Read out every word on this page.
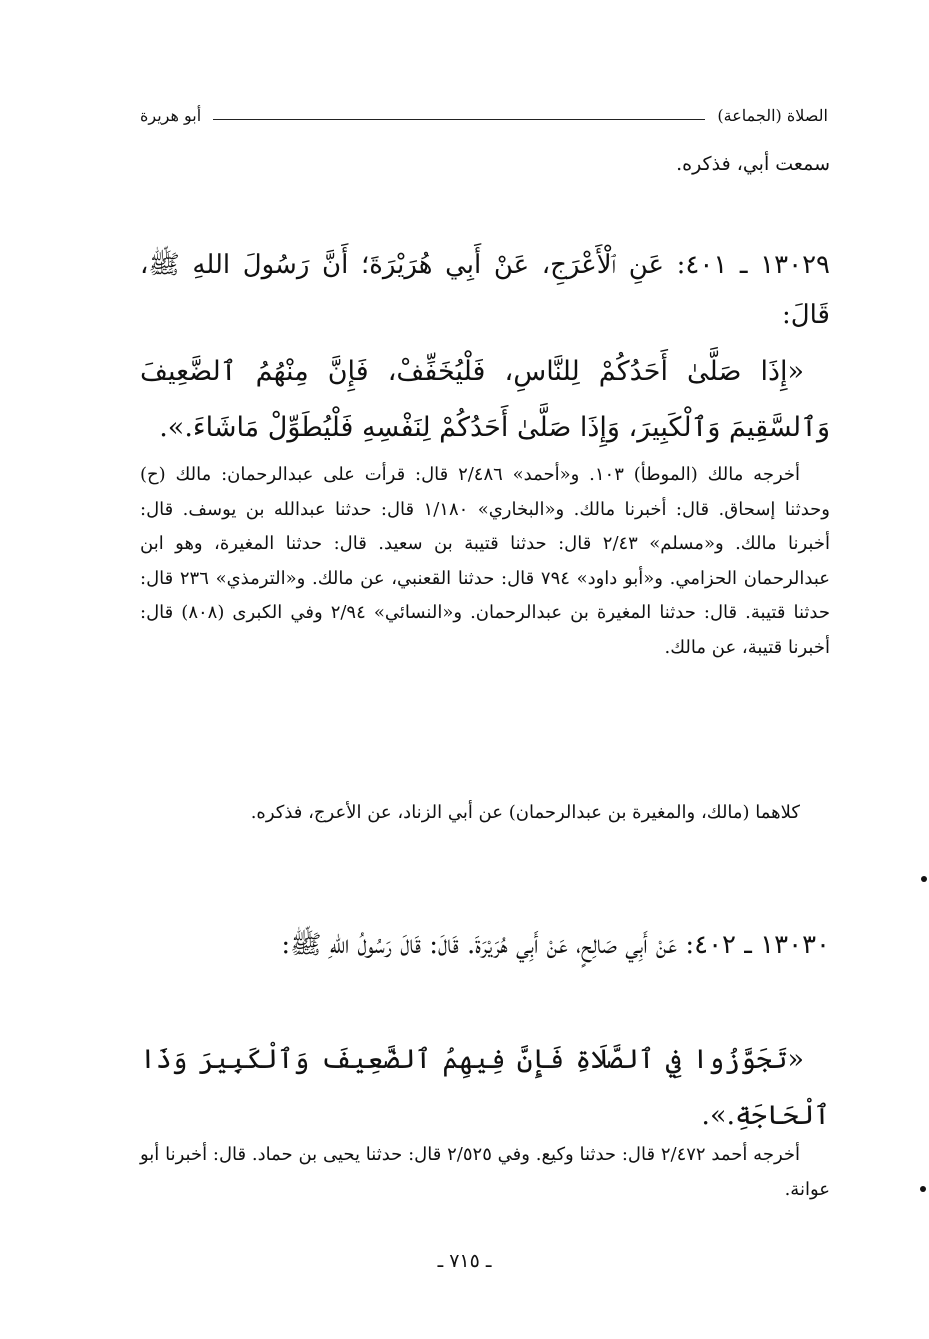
الصلاة (الجماعة)
أبو هريرة
سمعت أبي، فذكره.
١٣٠٢٩ ـ ٤٠١: عَنِ ٱلْأَعْرَجِ، عَنْ أَبِي هُرَيْرَةَ؛ أَنَّ رَسُولَ اللهِ ﷺ، قَالَ:
«إِذَا صَلَّىٰ أَحَدُكُمْ لِلنَّاسِ، فَلْيُخَفِّفْ، فَإِنَّ مِنْهُمُ ٱلضَّعِيفَ وَٱلسَّقِيمَ وَٱلْكَبِيرَ، وَإِذَا صَلَّىٰ أَحَدُكُمْ لِنَفْسِهِ فَلْيُطَوِّلْ مَاشَاءَ.».
أخرجه مالك (الموطأ) ١٠٣. و«أحمد» ٢/٤٨٦ قال: قرأت على عبدالرحمان: مالك (ح) وحدثنا إسحاق. قال: أخبرنا مالك. و«البخاري» ١/١٨٠ قال: حدثنا عبدالله بن يوسف. قال: أخبرنا مالك. و«مسلم» ٢/٤٣ قال: حدثنا قتيبة بن سعيد. قال: حدثنا المغيرة، وهو ابن عبدالرحمان الحزامي. و«أبو داود» ٧٩٤ قال: حدثنا القعنبي، عن مالك. و«الترمذي» ٢٣٦ قال: حدثنا قتيبة. قال: حدثنا المغيرة بن عبدالرحمان. و«النسائي» ٢/٩٤ وفي الكبرى (٨٠٨) قال: أخبرنا قتيبة، عن مالك.
كلاهما (مالك، والمغيرة بن عبدالرحمان) عن أبي الزناد، عن الأعرج، فذكره.
١٣٠٣٠ ـ ٤٠٢: عَنْ أَبِي صَالِحٍ، عَنْ أَبِي هُرَيْرَةَ. قَالَ: قَالَ رَسُولُ اللهِ ﷺ:
«تَجَوَّزُوا فِي ٱلصَّلَاةِ فَإِنَّ فِيهِمُ ٱلضَّعِيفَ وَٱلْكَبِيرَ وَذَا ٱلْحَاجَةِ.».
أخرجه أحمد ٢/٤٧٢ قال: حدثنا وكيع. وفي ٢/٥٢٥ قال: حدثنا يحيى بن حماد. قال: أخبرنا أبو عوانة.
ـ ٧١٥ ـ
